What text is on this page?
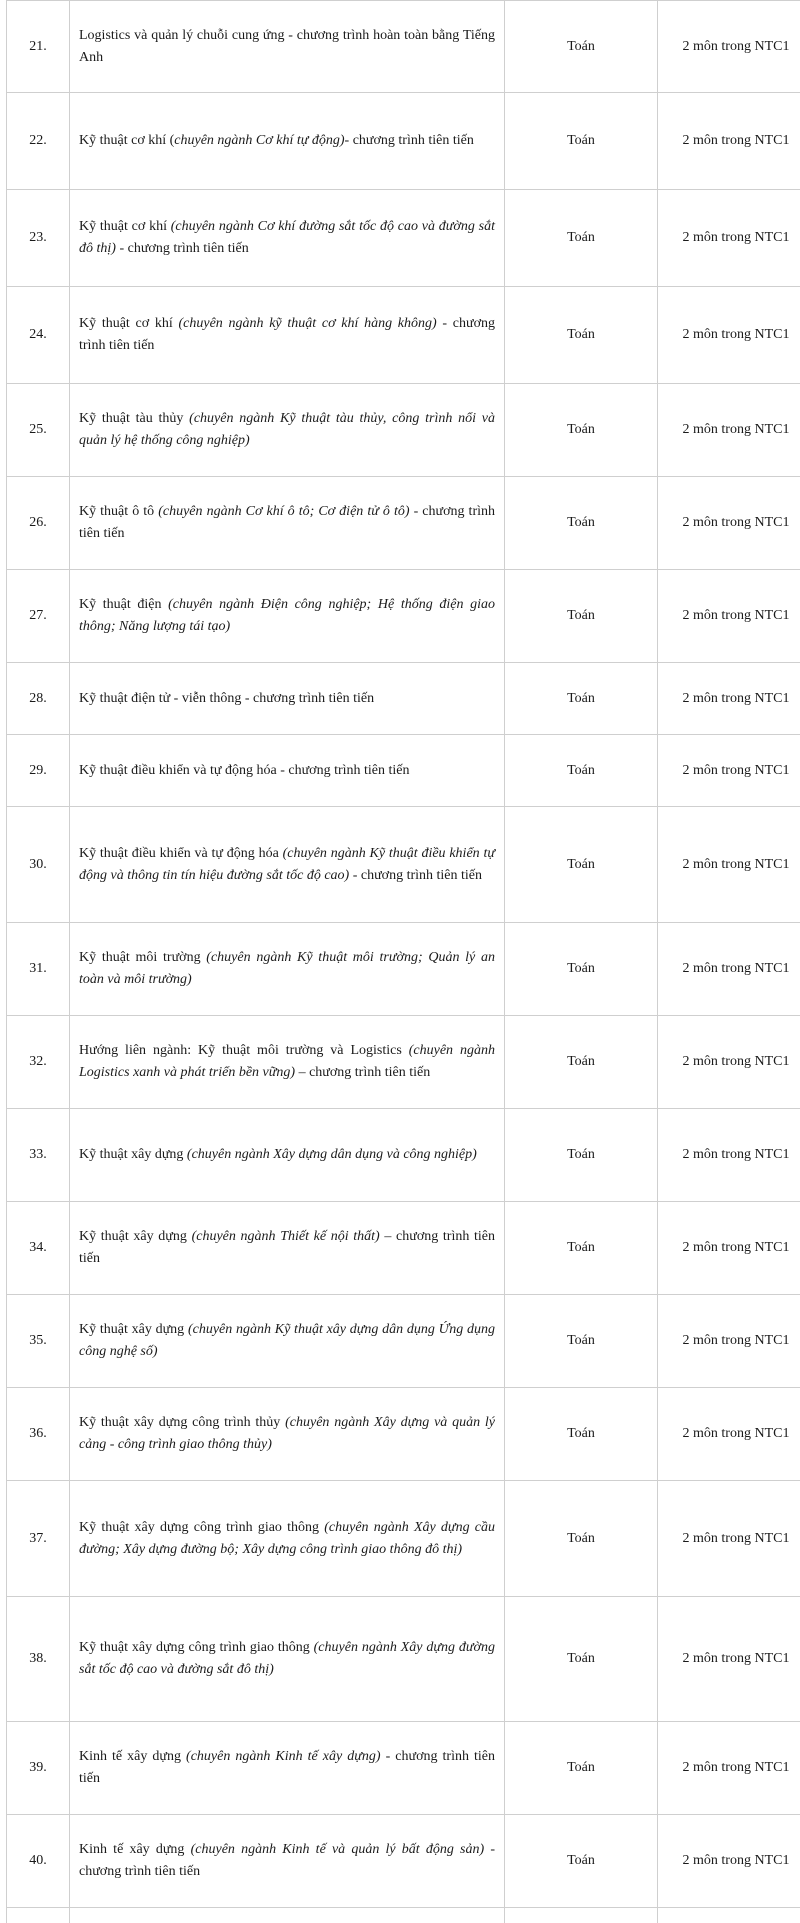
21.	Logistics và quản lý chuỗi cung ứng - chương trình hoàn toàn bằng Tiếng Anh	Toán	2 môn trong NTC1
22.	Kỹ thuật cơ khí (chuyên ngành Cơ khí tự động)- chương trình tiên tiến	Toán	2 môn trong NTC1
23.	Kỹ thuật cơ khí (chuyên ngành Cơ khí đường sắt tốc độ cao và đường sắt đô thị) - chương trình tiên tiến	Toán	2 môn trong NTC1
24.	Kỹ thuật cơ khí (chuyên ngành kỹ thuật cơ khí hàng không) - chương trình tiên tiến	Toán	2 môn trong NTC1
25.	Kỹ thuật tàu thủy (chuyên ngành Kỹ thuật tàu thủy, công trình nổi và quản lý hệ thống công nghiệp)	Toán	2 môn trong NTC1
26.	Kỹ thuật ô tô (chuyên ngành Cơ khí ô tô; Cơ điện tử ô tô) - chương trình tiên tiến	Toán	2 môn trong NTC1
27.	Kỹ thuật điện (chuyên ngành Điện công nghiệp; Hệ thống điện giao thông; Năng lượng tái tạo)	Toán	2 môn trong NTC1
28.	Kỹ thuật điện tử - viễn thông - chương trình tiên tiến	Toán	2 môn trong NTC1
29.	Kỹ thuật điều khiển và tự động hóa - chương trình tiên tiến	Toán	2 môn trong NTC1
30.	Kỹ thuật điều khiển và tự động hóa (chuyên ngành Kỹ thuật điều khiển tự động và thông tin tín hiệu đường sắt tốc độ cao) - chương trình tiên tiến	Toán	2 môn trong NTC1
31.	Kỹ thuật môi trường (chuyên ngành Kỹ thuật môi trường; Quản lý an toàn và môi trường)	Toán	2 môn trong NTC1
32.	Hướng liên ngành: Kỹ thuật môi trường và Logistics (chuyên ngành Logistics xanh và phát triển bền vững) – chương trình tiên tiến	Toán	2 môn trong NTC1
33.	Kỹ thuật xây dựng (chuyên ngành Xây dựng dân dụng và công nghiệp)	Toán	2 môn trong NTC1
34.	Kỹ thuật xây dựng (chuyên ngành Thiết kế nội thất) – chương trình tiên tiến	Toán	2 môn trong NTC1
35.	Kỹ thuật xây dựng (chuyên ngành Kỹ thuật xây dựng dân dụng Ứng dụng công nghệ số)	Toán	2 môn trong NTC1
36.	Kỹ thuật xây dựng công trình thủy (chuyên ngành Xây dựng và quản lý cảng - công trình giao thông thủy)	Toán	2 môn trong NTC1
37.	Kỹ thuật xây dựng công trình giao thông (chuyên ngành Xây dựng cầu đường; Xây dựng đường bộ; Xây dựng công trình giao thông đô thị)	Toán	2 môn trong NTC1
38.	Kỹ thuật xây dựng công trình giao thông (chuyên ngành Xây dựng đường sắt tốc độ cao và đường sắt đô thị)	Toán	2 môn trong NTC1
39.	Kinh tế xây dựng (chuyên ngành Kinh tế xây dựng) - chương trình tiên tiến	Toán	2 môn trong NTC1
40.	Kinh tế xây dựng (chuyên ngành Kinh tế và quản lý bất động sản) - chương trình tiên tiến	Toán	2 môn trong NTC1
